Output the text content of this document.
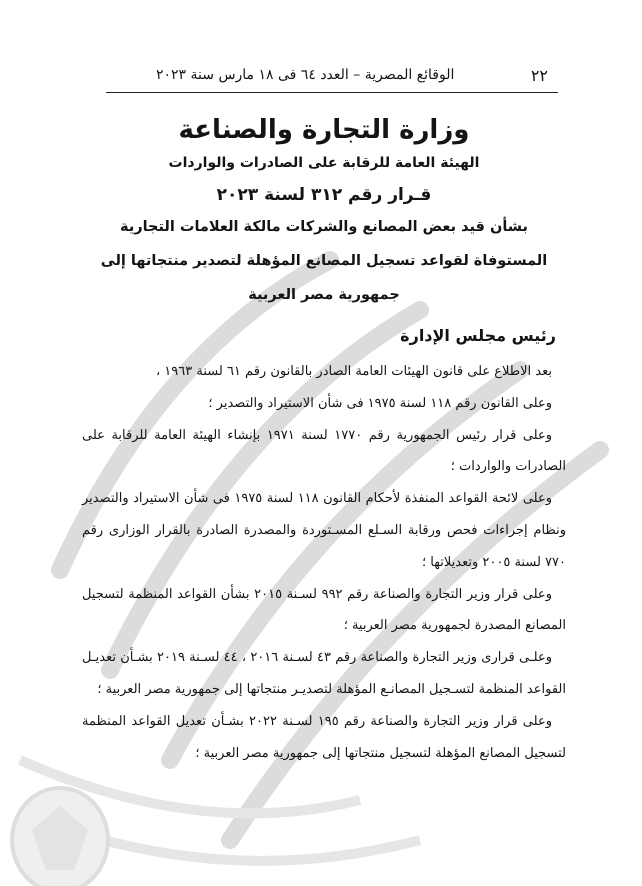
٢٢
الوقائع المصرية – العدد ٦٤ فى ١٨ مارس سنة ٢٠٢٣
وزارة التجارة والصناعة
الهيئة العامة للرقابة على الصادرات والواردات
قـرار رقم ٣١٢ لسنة ٢٠٢٣
بشأن قيد بعض المصانع والشركات مالكة العلامات التجارية
المستوفاة لقواعد تسجيل المصانع المؤهلة لتصدير منتجاتها إلى
جمهورية مصر العربية
رئيس مجلس الإدارة

بعد الاطلاع على قانون الهيئات العامة الصادر بالقانون رقم ٦١ لسنة ١٩٦٣ ،

وعلى القانون رقم ١١٨ لسنة ١٩٧٥ فى شأن الاستيراد والتصدير ؛

وعلى قرار رئيس الجمهورية رقم ١٧٧٠ لسنة ١٩٧١ بإنشاء الهيئة العامة للرقابة على الصادرات والواردات ؛

وعلى لائحة القواعد المنفذة لأحكام القانون ١١٨ لسنة ١٩٧٥ فى شأن الاستيراد والتصدير ونظام إجراءات فحص ورقابة السـلع المسـتوردة والمصدرة الصادرة بالقرار الوزارى رقم ٧٧٠ لسنة ٢٠٠٥ وتعديلاتها ؛

وعلى قرار وزير التجارة والصناعة رقم ٩٩٢ لسـنة ٢٠١٥ بشأن القواعد المنظمة لتسجيل المصانع المصدرة لجمهورية مصر العربية ؛

وعلـى قرارى وزير التجارة والصناعة رقم ٤٣ لسـنة ٢٠١٦ ، ٤٤ لسـنة ٢٠١٩ بشـأن تعديـل القواعد المنظمة لتسـجيل المصانـع المؤهلة لتصديـر منتجاتها إلى جمهورية مصر العربية ؛

وعلى قرار وزير التجارة والصناعة رقم ١٩٥ لسـنة ٢٠٢٢ بشـأن تعديل القواعد المنظمة لتسجيل المصانع المؤهلة لتسجيل منتجاتها إلى جمهورية مصر العربية ؛
